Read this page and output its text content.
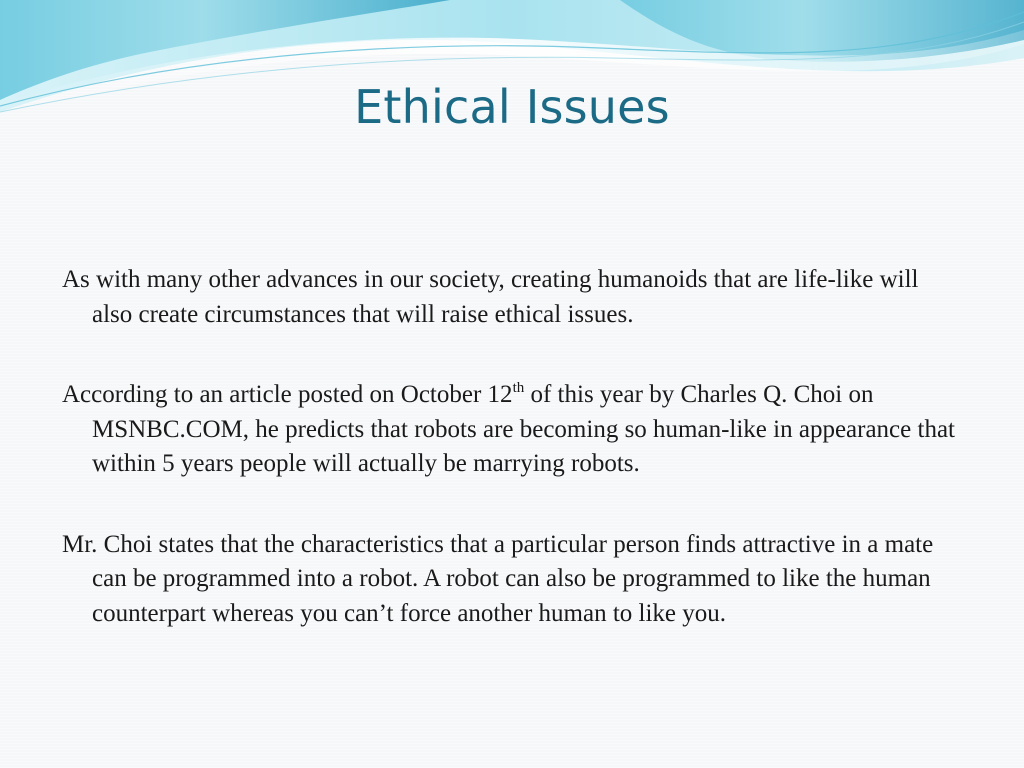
Ethical Issues

As with many other advances in our society, creating humanoids that are life-like will also create circumstances that will raise ethical issues.

According to an article posted on October 12th of this year by Charles Q. Choi on MSNBC.COM, he predicts that robots are becoming so human-like in appearance that within 5 years people will actually be marrying robots.

Mr. Choi states that the characteristics that a particular person finds attractive in a mate can be programmed into a robot. A robot can also be programmed to like the human counterpart whereas you can’t force another human to like you.
